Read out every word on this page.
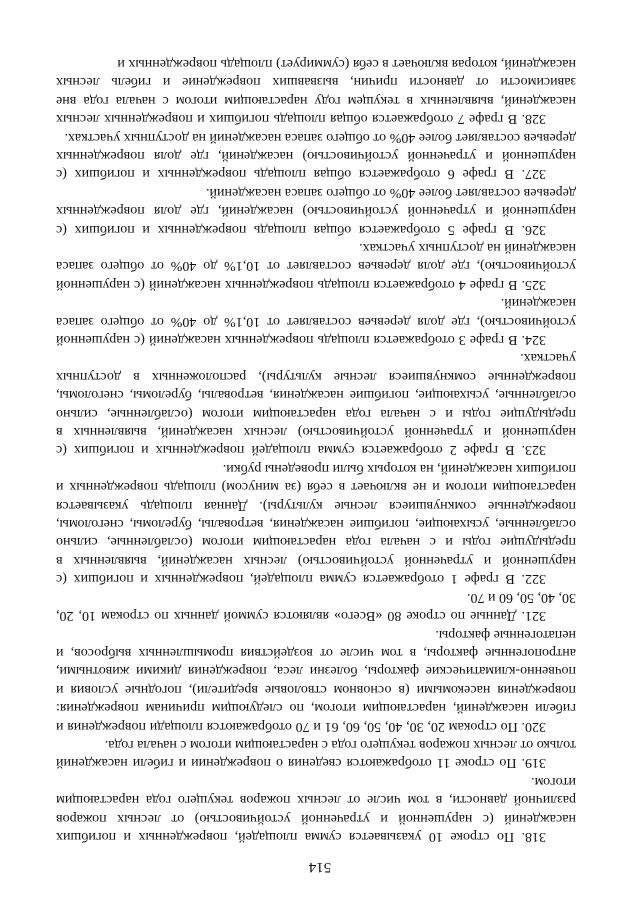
514

318. По строке 10 указывается сумма площадей, поврежденных и погибших насаждений (с нарушенной и утраченной устойчивостью) от лесных пожаров различной давности, в том числе от лесных пожаров текущего года нарастающим итогом.

319. По строке 11 отображаются сведения о повреждении и гибели насаждений только от лесных пожаров текущего года с нарастающим итогом с начала года.

320. По строкам 20, 30, 40, 50, 60, 61 и 70 отображаются площади повреждения и гибели насаждений, нарастающим итогом, по следующим причинам повреждения: повреждения насекомыми (в основном стволовые вредители), погодные условия и почвенно-климатические факторы, болезни леса, повреждения дикими животными, антропогенные факторы, в том числе от воздействия промышленных выбросов, и непатогенные факторы.

321. Данные по строке 80 «Всего» являются суммой данных по строкам 10, 20, 30, 40, 50, 60 и 70.

322. В графе 1 отображается сумма площадей, поврежденных и погибших (с нарушенной и утраченной устойчивостью) лесных насаждений, выявленных в предыдущие годы и с начала года нарастающим итогом (ослабленные, сильно ослабленные, усыхающие, погибшие насаждения, ветровалы, буреломы, снеголомы, поврежденные сомкнувшиеся лесные культуры). Данная площадь указывается нарастающим итогом и не включает в себя (за минусом) площадь поврежденных и погибших насаждений, на которых были проведены рубки.

323. В графе 2 отображается сумма площадей поврежденных и погибших (с нарушенной и утраченной устойчивостью) лесных насаждений, выявленных в предыдущие годы и с начала года нарастающим итогом (ослабленные, сильно ослабленные, усыхающие, погибшие насаждения, ветровалы, буреломы, снеголомы, поврежденные сомкнувшиеся лесные культуры), расположенных в доступных участках.

324. В графе 3 отображается площадь поврежденных насаждений (с нарушенной устойчивостью), где доля деревьев составляет от 10,1% до 40% от общего запаса насаждений.

325. В графе 4 отображается площадь поврежденных насаждений (с нарушенной устойчивостью), где доля деревьев составляет от 10,1% до 40% от общего запаса насаждений на доступных участках.

326. В графе 5 отображается общая площадь поврежденных и погибших (с нарушенной и утраченной устойчивостью) насаждений, где доля поврежденных деревьев составляет более 40% от общего запаса насаждений.

327. В графе 6 отображается общая площадь поврежденных и погибших (с нарушенной и утраченной устойчивостью) насаждений, где доля поврежденных деревьев составляет более 40% от общего запаса насаждений на доступных участках.

328. В графе 7 отображается общая площадь погибших и поврежденных лесных насаждений, выявленных в текущем году нарастающим итогом с начала года вне зависимости от давности причин, вызвавших повреждение и гибель лесных насаждений, которая включает в себя (суммирует) площадь поврежденных и
